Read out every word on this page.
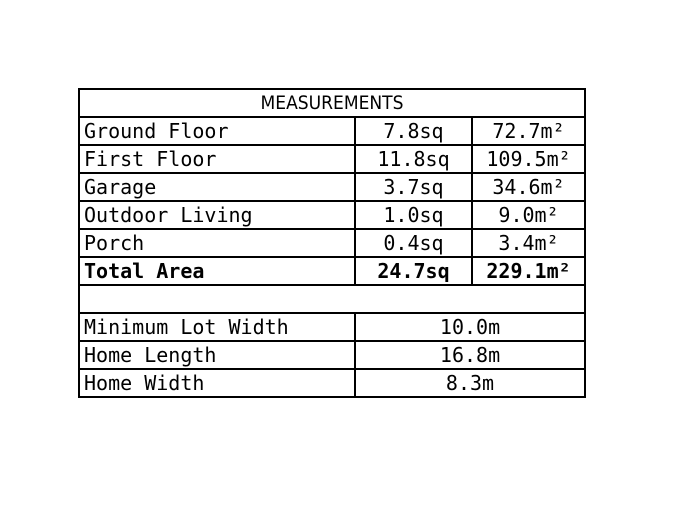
MEASUREMENTS		
Ground Floor	7.8sq	72.7m²
First Floor	11.8sq	109.5m²
Garage	3.7sq	34.6m²
Outdoor Living	1.0sq	9.0m²
Porch	0.4sq	3.4m²
Total Area	24.7sq	229.1m²

Minimum Lot Width	10.0m	
Home Length	16.8m	
Home Width	8.3m	
